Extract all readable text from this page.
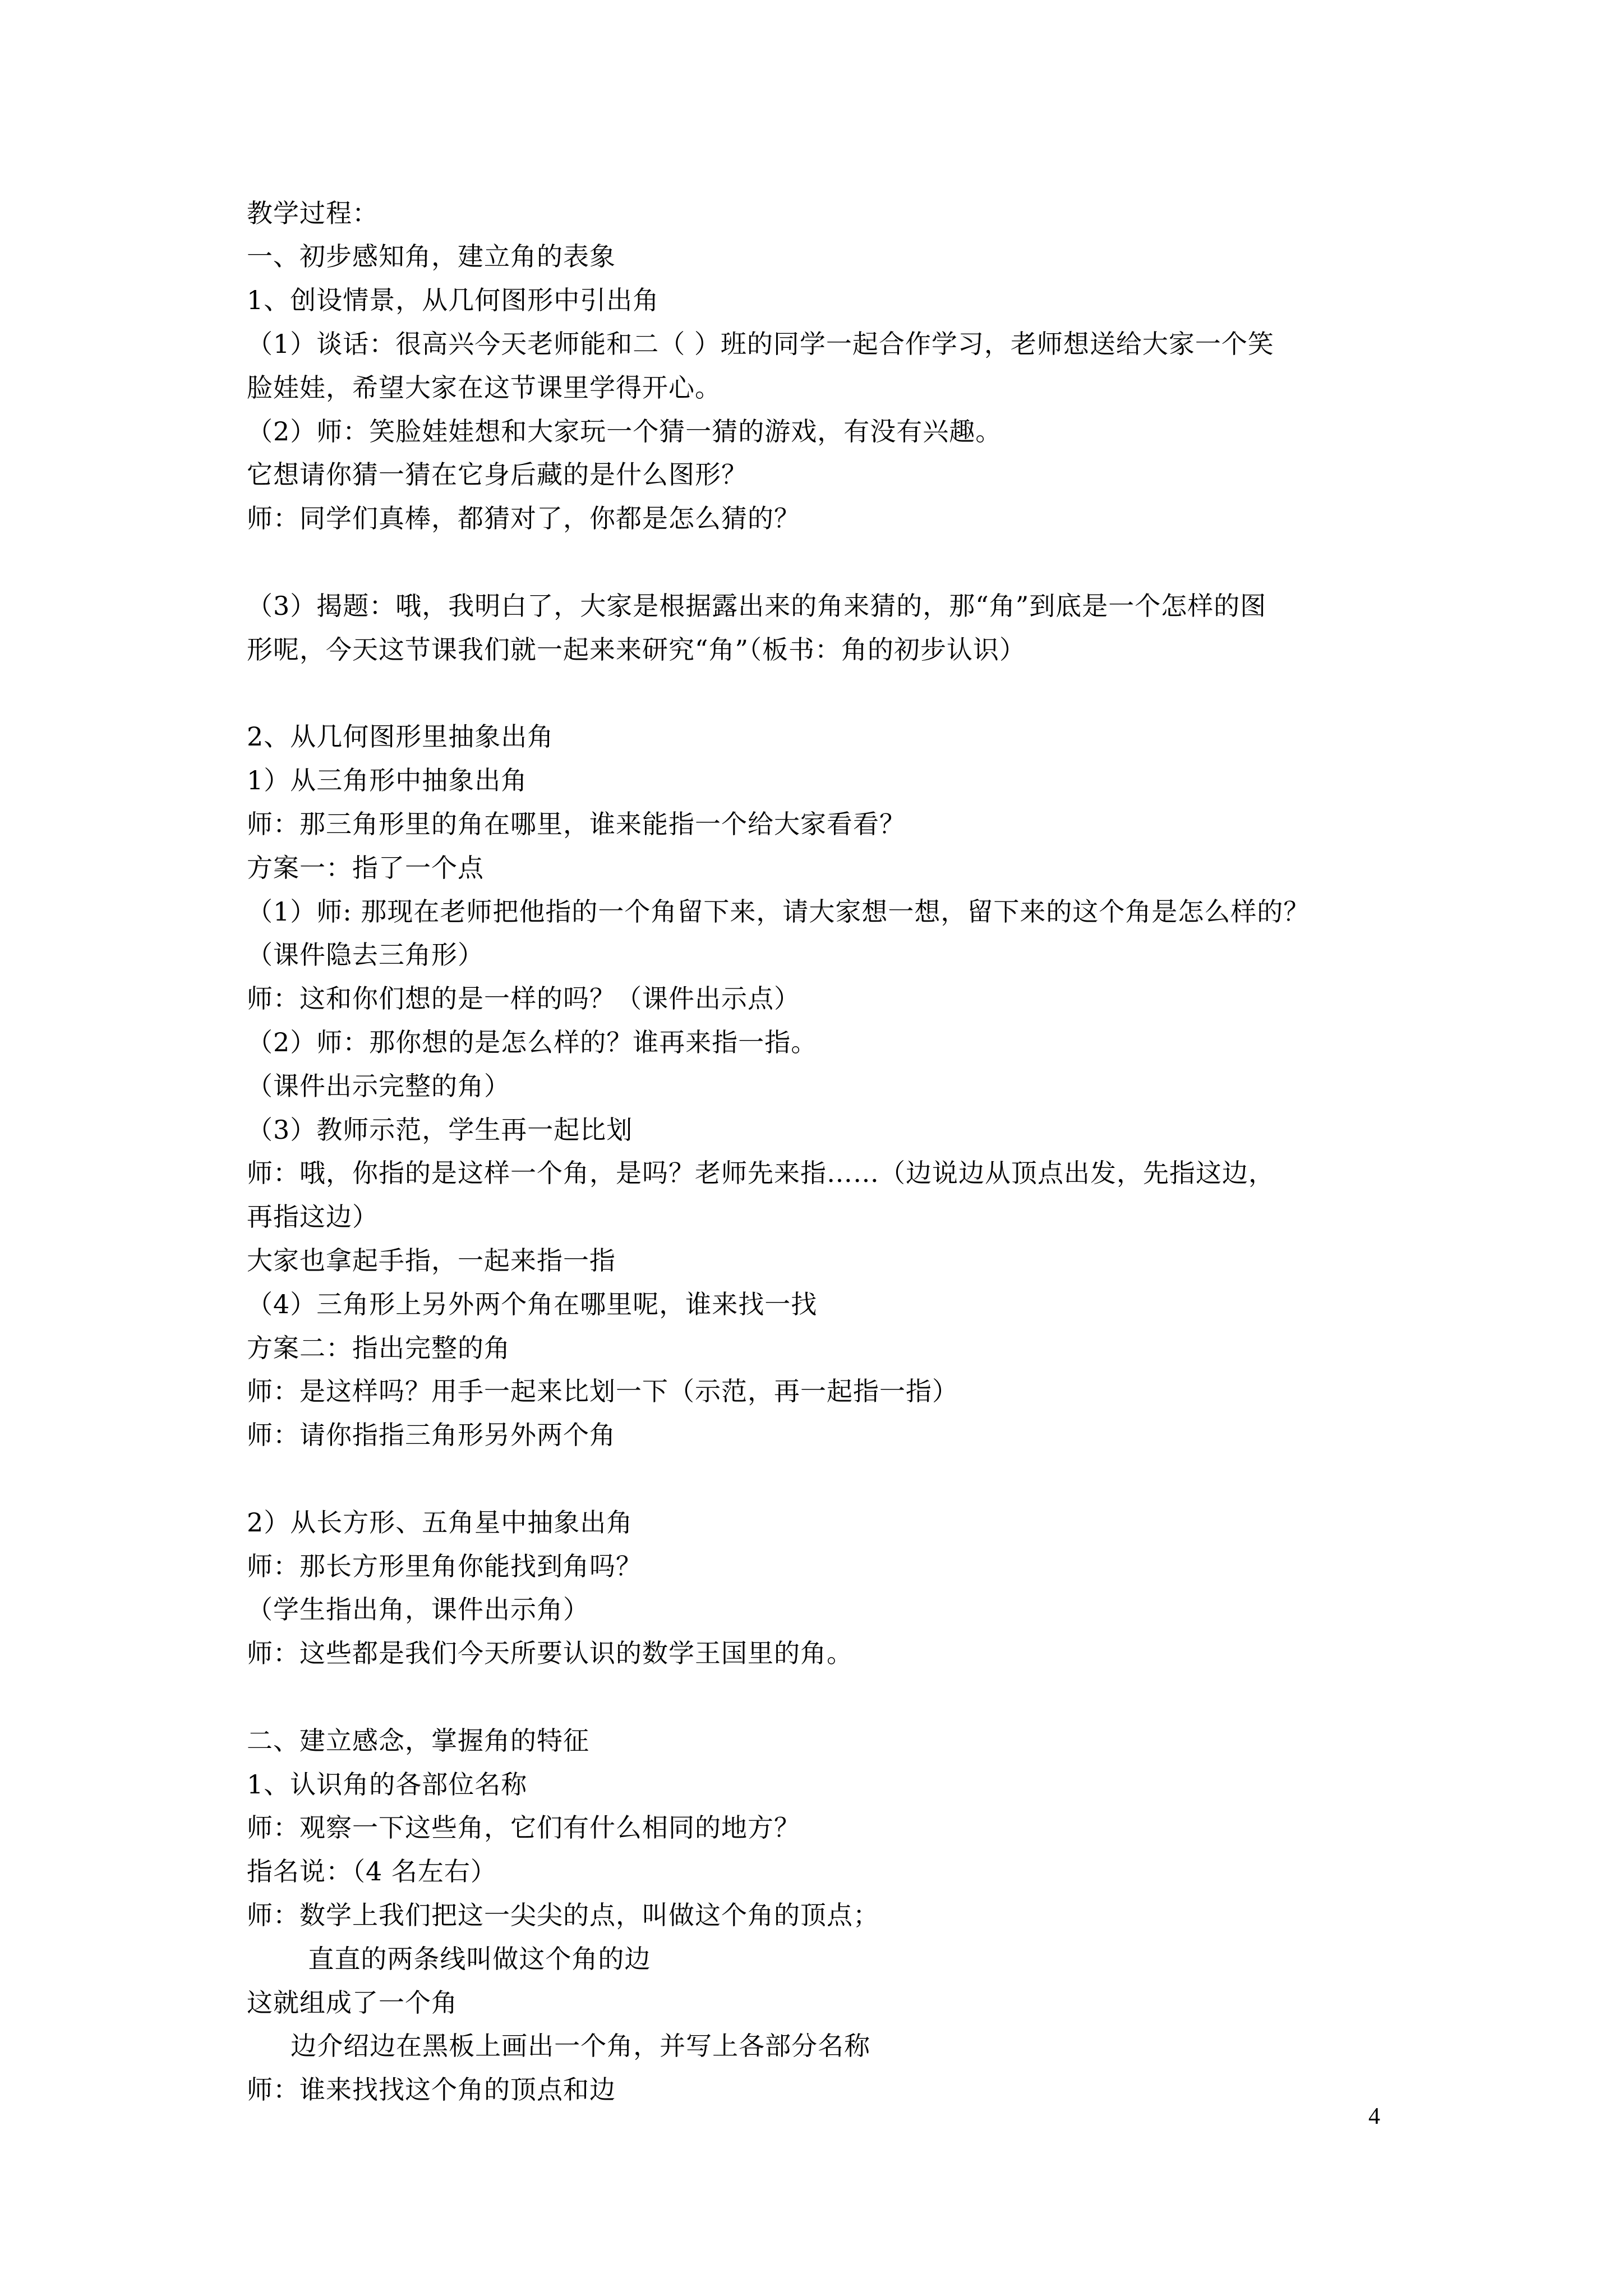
教学过程：
一、初步感知角，建立角的表象
1、创设情景，从几何图形中引出角
（1）谈话：很高兴今天老师能和二（ ）班的同学一起合作学习，老师想送给大家一个笑
脸娃娃，希望大家在这节课里学得开心。
（2）师：笑脸娃娃想和大家玩一个猜一猜的游戏，有没有兴趣。
它想请你猜一猜在它身后藏的是什么图形？
师：同学们真棒，都猜对了，你都是怎么猜的？
（3）揭题：哦，我明白了，大家是根据露出来的角来猜的，那“角”到底是一个怎样的图
形呢，今天这节课我们就一起来来研究“角”（板书：角的初步认识）
2、从几何图形里抽象出角
1）从三角形中抽象出角
师：那三角形里的角在哪里，谁来能指一个给大家看看？
方案一：指了一个点
（1）师: 那现在老师把他指的一个角留下来，请大家想一想，留下来的这个角是怎么样的？
（课件隐去三角形）
师：这和你们想的是一样的吗？（课件出示点）
（2）师：那你想的是怎么样的？谁再来指一指。
（课件出示完整的角）
（3）教师示范，学生再一起比划
师：哦，你指的是这样一个角，是吗？老师先来指……（边说边从顶点出发，先指这边，
再指这边）
大家也拿起手指，一起来指一指
（4）三角形上另外两个角在哪里呢，谁来找一找
方案二：指出完整的角
师：是这样吗？用手一起来比划一下（示范，再一起指一指）
师：请你指指三角形另外两个角
2）从长方形、五角星中抽象出角
师：那长方形里角你能找到角吗？
（学生指出角，课件出示角）
师：这些都是我们今天所要认识的数学王国里的角。
二、建立感念，掌握角的特征
1、认识角的各部位名称
师：观察一下这些角，它们有什么相同的地方？
指名说：（4 名左右）
师：数学上我们把这一尖尖的点，叫做这个角的顶点；
直直的两条线叫做这个角的边
这就组成了一个角
边介绍边在黑板上画出一个角，并写上各部分名称
师：谁来找找这个角的顶点和边
4
